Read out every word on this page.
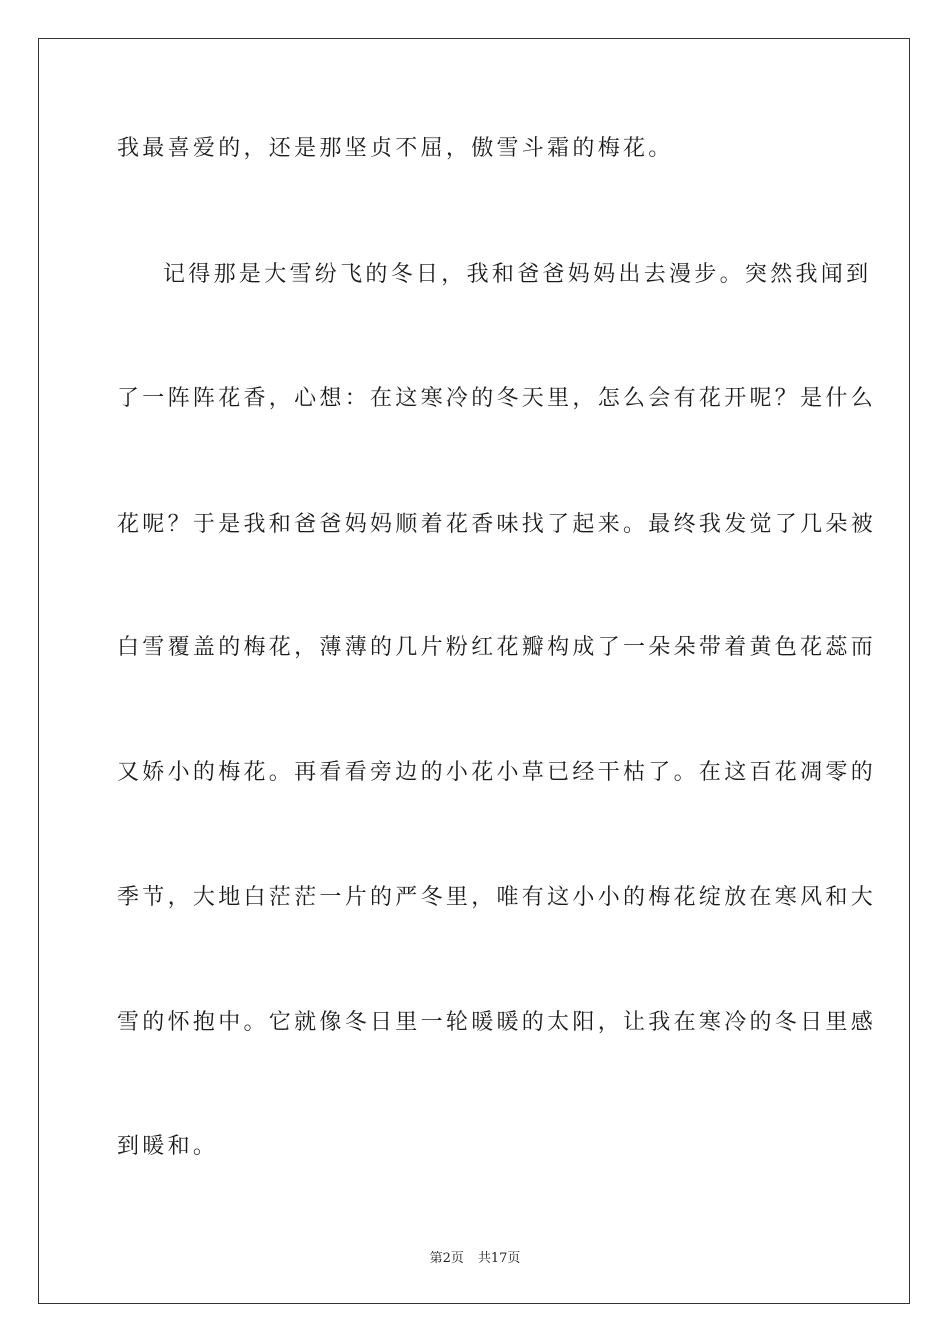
我最喜爱的，还是那坚贞不屈，傲雪斗霜的梅花。
记得那是大雪纷飞的冬日，我和爸爸妈妈出去漫步。突然我闻到
了一阵阵花香，心想：在这寒冷的冬天里，怎么会有花开呢？是什么
花呢？于是我和爸爸妈妈顺着花香味找了起来。最终我发觉了几朵被
白雪覆盖的梅花，薄薄的几片粉红花瓣构成了一朵朵带着黄色花蕊而
又娇小的梅花。再看看旁边的小花小草已经干枯了。在这百花凋零的
季节，大地白茫茫一片的严冬里，唯有这小小的梅花绽放在寒风和大
雪的怀抱中。它就像冬日里一轮暖暖的太阳，让我在寒冷的冬日里感
到暖和。
第2页 共17页
